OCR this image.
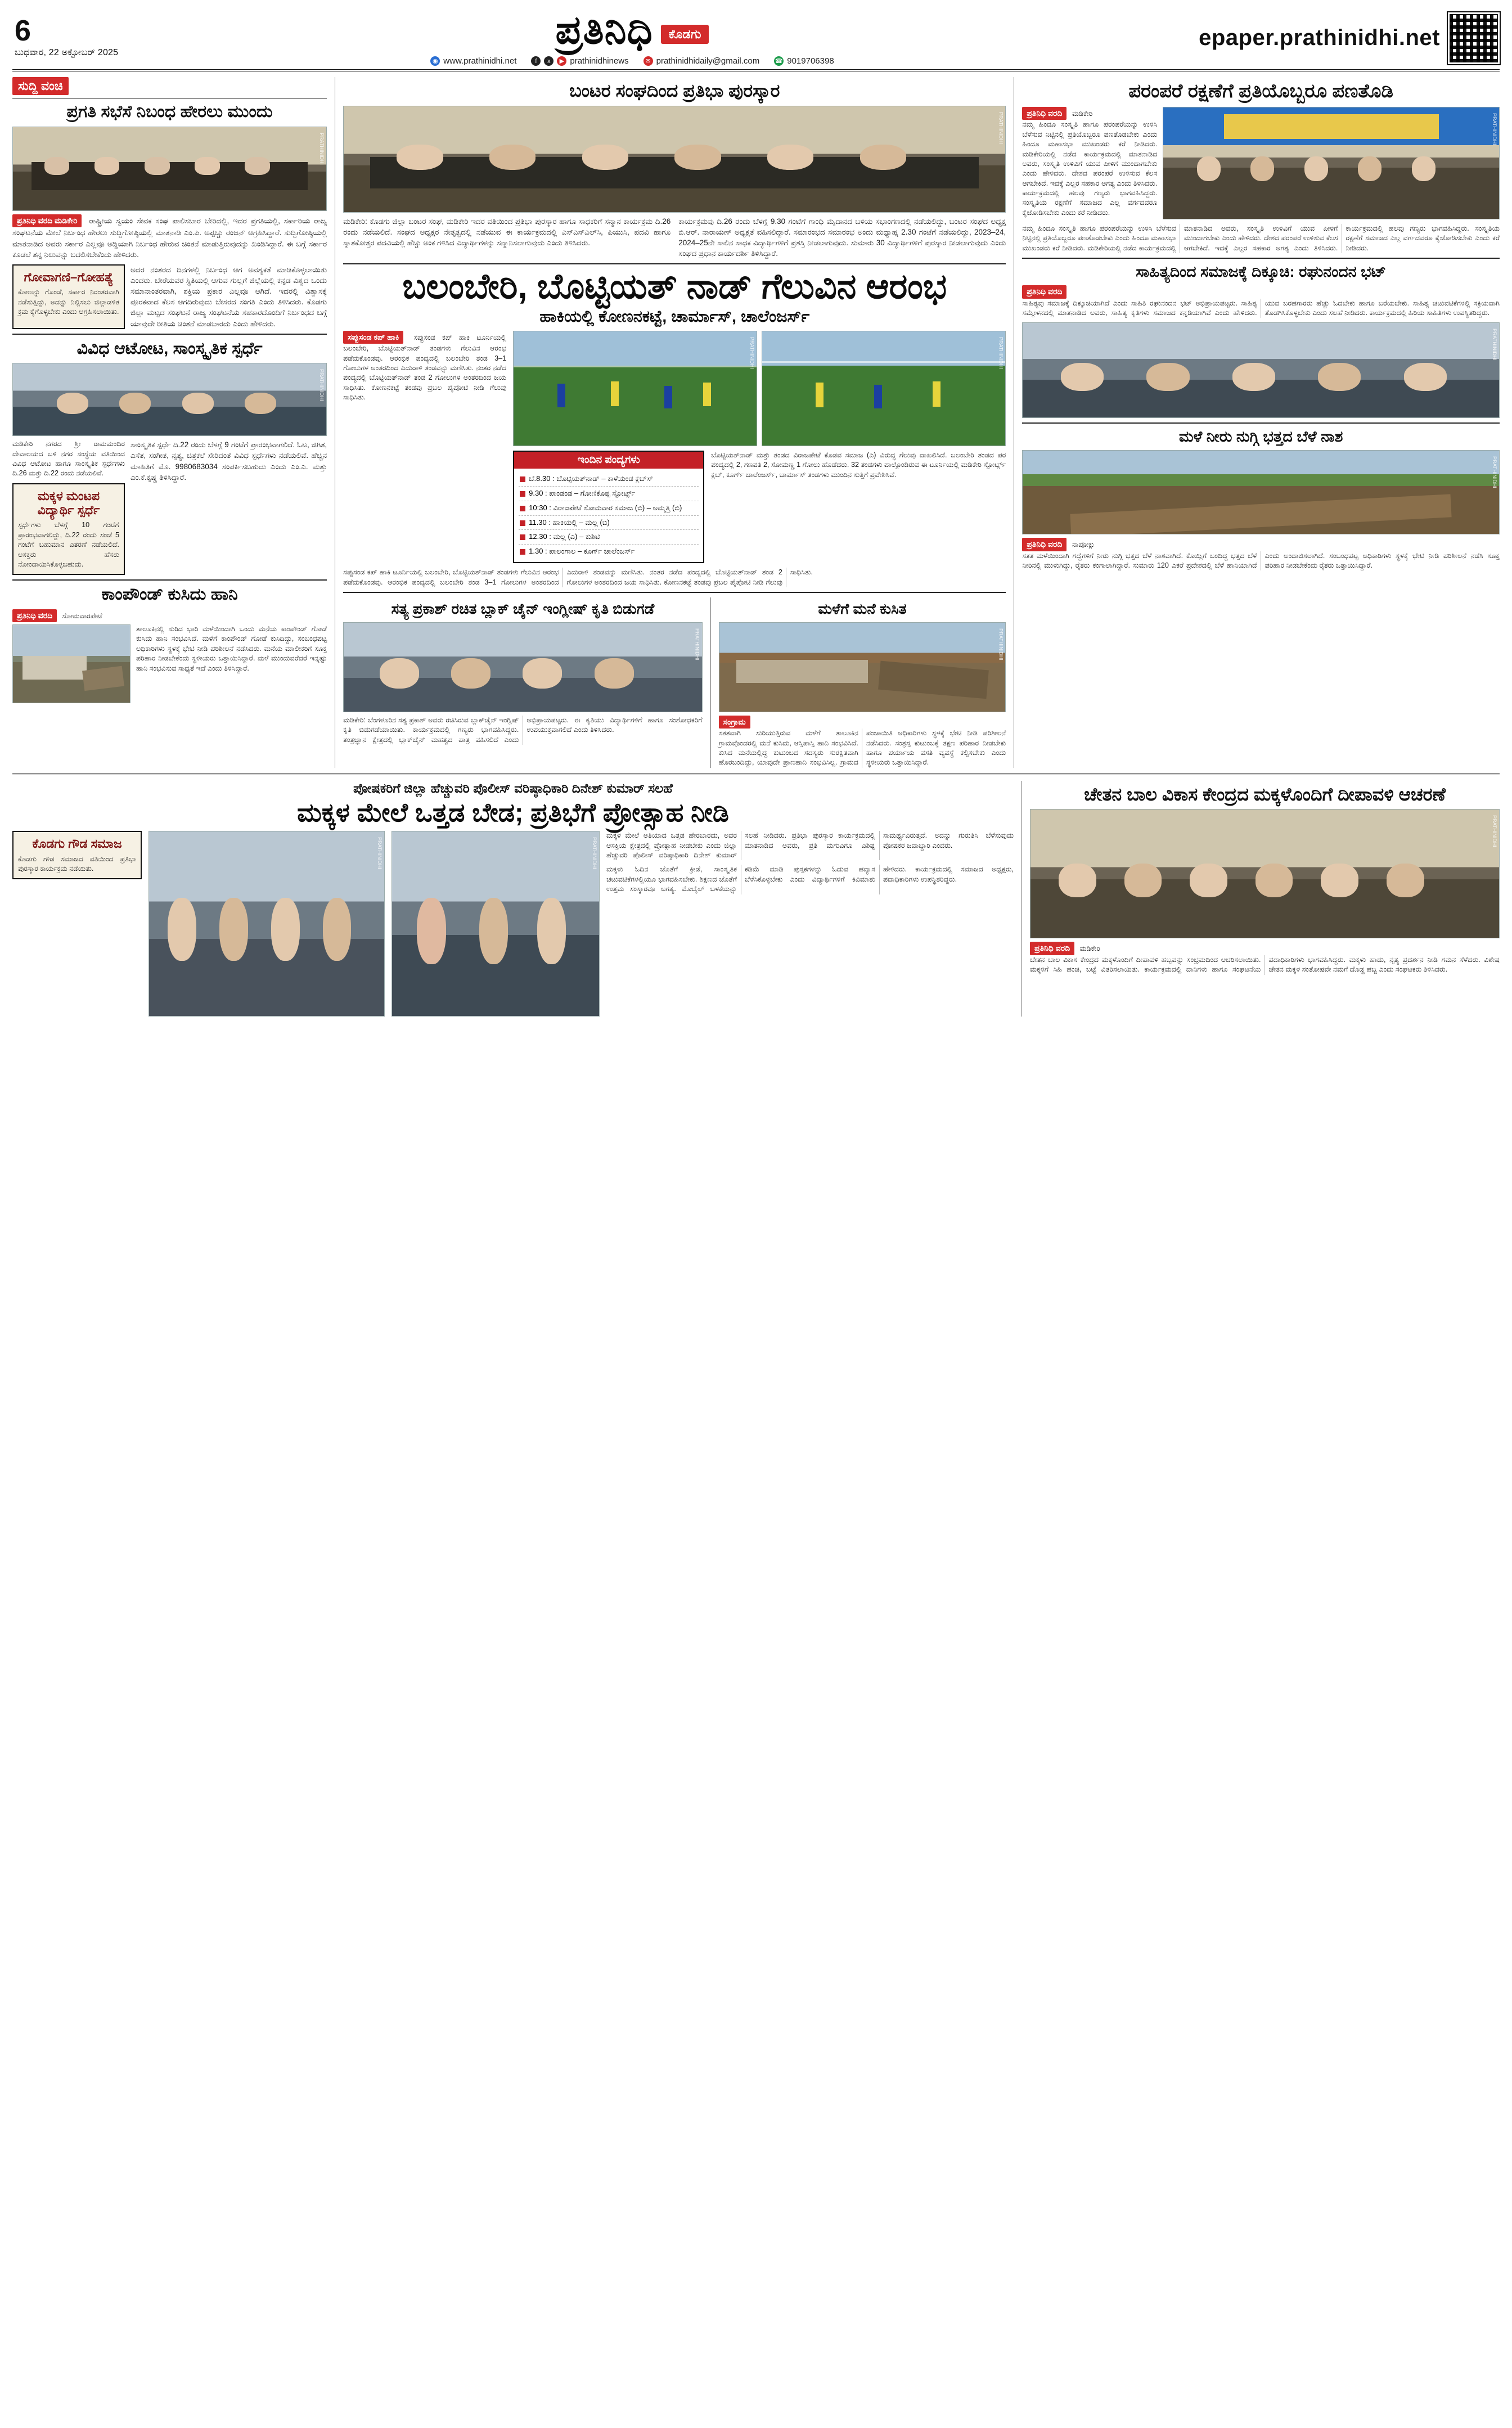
6
ಬುಧವಾರ, 22 ಅಕ್ಟೋಬರ್ 2025
ಪ್ರತಿನಿಧಿ	ಕೊಡಗು
◉ www.prathinidhi.net	f	x	▶ prathinidhinews	✉ prathinidhidaily@gmail.com	☎ 9019706398
epaper.prathinidhi.net
ಸುದ್ದಿ ವಂಚಿ
ಪ್ರಗತಿ ಸಭೆಸೆ ನಿಬಂಧ ಹೇರಲು ಮುಂದು
PRATHINIDHI
ಪ್ರತಿನಿಧಿ ವರದಿ ಮಡಿಕೇರಿ ರಾಷ್ಟ್ರೀಯ ಸ್ವಯಂ ಸೇವಕ ಸಂಘ ಪಾಲಿಸಬಾರ ಬೇರಿದಲ್ಲಿ, ಇದರ ಪ್ರಗತಿಯಲ್ಲಿ, ಸರ್ಕಾರಿಯ ರಾಜ್ಯ ಸಂಘಟನೆಯ ಮೇಲೆ ನಿರ್ಬಂಧ ಹೇರಲು ಸುದ್ದಿಗೋಷ್ಠಿಯಲ್ಲಿ ಮಾತನಾಡಿ ಎಂ.ಪಿ. ಅಪ್ಪಚ್ಚು ರಂಜನ್ ಆಗ್ರಹಿಸಿದ್ದಾರೆ. ಸುದ್ದಿಗೋಷ್ಠಿಯಲ್ಲಿ ಮಾತನಾಡಿದ ಅವರು ಸರ್ಕಾರ ಎಲ್ಲವೂ ಅಡ್ಡಿಯಾಗಿ ನಿರ್ಬಂಧ ಹೇರುವ ಚಿಂತನೆ ಮಾಡುತ್ತಿರುವುದನ್ನು ಖಂಡಿಸಿದ್ದಾರೆ. ಈ ಬಗ್ಗೆ ಸರ್ಕಾರ ಕೂಡಲೆ ತನ್ನ ನಿಲುವನ್ನು ಬದಲಿಸಬೇಕೆಂದು ಹೇಳಿದರು.
ಗೋವಾಗಣಿ–ಗೋಹತ್ಯೆ
ಕೋಣನ್ನು ಗೊಂಡೆ, ಸರ್ಕಾರ ನಿರಂತರವಾಗಿ ನಡೆಸುತ್ತಿದ್ದು, ಅದನ್ನು ನಿಲ್ಲಿಸಲು ಜಿಲ್ಲಾಡಳಿತ ಕ್ರಮ ಕೈಗೊಳ್ಳಬೇಕು ಎಂದು ಆಗ್ರಹಿಸಲಾಯಿತು.
ಅದರ ನಂತರದ ದಿನಗಳಲ್ಲಿ ನಿರ್ಬಂಧ ಆಗ ಅವಶ್ಯಕತೆ ಮಾಡಿಕೊಳ್ಳಲಾಯಿತು ಎಂದರು. ಬೇರೆಯವರ ಸ್ಥಿತಿಯಲ್ಲಿ ಆಗುವ ಗುಲ್ಲಗೆ ಜಿಲ್ಲೆಯಲ್ಲಿ ಕನ್ನಡ ವಿಶ್ವದ ಒಂದು ಸಮಾನಾಂತರವಾಗಿ, ಶಕ್ತಿಯ ಪ್ರಕಾರ ಎಲ್ಲವೂ ಆಗಿದೆ. ಇದರಲ್ಲಿ ವಿಶ್ವಾಸಕ್ಕೆ ಪೂರಕವಾದ ಕೆಲಸ ಆಗದಿರುವುದು ಬೇಸರದ ಸಂಗತಿ ಎಂದು ತಿಳಿಸಿದರು. ಕೊಡಗು ಜಿಲ್ಲಾ ಮಟ್ಟದ ಸಂಘಟನೆ ರಾಜ್ಯ ಸಂಘಟನೆಯ ಸಹಕಾರದೊಂದಿಗೆ ನಿರ್ಬಂಧದ ಬಗ್ಗೆ ಯಾವುದೇ ರೀತಿಯ ಚಿಂತನೆ ಮಾಡಬಾರದು ಎಂದು ಹೇಳಿದರು.
ವಿವಿಧ ಆಟೋಟ, ಸಾಂಸ್ಕೃತಿಕ ಸ್ಪರ್ಧೆ
PRATHINIDHI
ಮಡಿಕೇರಿ ನಗರದ ಶ್ರೀ ರಾಮಮಂದಿರ ದೇವಾಲಯದ ಬಳಿ ನಗರ ಸಂಸ್ಥೆಯ ವತಿಯಿಂದ ವಿವಿಧ ಆಟೋಟ ಹಾಗೂ ಸಾಂಸ್ಕೃತಿಕ ಸ್ಪರ್ಧೆಗಳು ದಿ.26 ಮತ್ತು ದಿ.22 ರಂದು ನಡೆಯಲಿವೆ.
ಮಕ್ಕಳ ಮಂಟಪ ವಿದ್ಯಾರ್ಥಿ ಸ್ಪರ್ಧೆ
ಸ್ಪರ್ಧೆಗಳು ಬೆಳಗ್ಗೆ 10 ಗಂಟೆಗೆ ಪ್ರಾರಂಭವಾಗಲಿದ್ದು, ದಿ.22 ರಂದು ಸಂಜೆ 5 ಗಂಟೆಗೆ ಬಹುಮಾನ ವಿತರಣೆ ನಡೆಯಲಿದೆ. ಆಸಕ್ತರು ಹೆಸರು ನೋಂದಾಯಿಸಿಕೊಳ್ಳಬಹುದು.
ಸಾಂಸ್ಕೃತಿಕ ಸ್ಪರ್ಧೆ ದಿ.22 ರಂದು ಬೆಳಗ್ಗೆ 9 ಗಂಟೆಗೆ ಪ್ರಾರಂಭವಾಗಲಿದೆ. ಓಟ, ಜಿಗಿತ, ಎಸೆತ, ಸಂಗೀತ, ನೃತ್ಯ, ಚಿತ್ರಕಲೆ ಸೇರಿದಂತೆ ವಿವಿಧ ಸ್ಪರ್ಧೆಗಳು ನಡೆಯಲಿವೆ. ಹೆಚ್ಚಿನ ಮಾಹಿತಿಗೆ ಮೊ. 9980683034 ಸಂಪರ್ಕಿಸಬಹುದು ಎಂದು ಎಂ.ಎ. ಮತ್ತು ಎಂ.ಕೆ.ಕೃಷ್ಣ ತಿಳಿಸಿದ್ದಾರೆ.
ಕಾಂಪೌಂಡ್ ಕುಸಿದು ಹಾನಿ
ಪ್ರತಿನಿಧಿ ವರದಿ ಸೋಮವಾರಪೇಟೆ
ತಾಲೂಕಿನಲ್ಲಿ ಸುರಿದ ಭಾರಿ ಮಳೆಯಿಂದಾಗಿ ಒಂದು ಮನೆಯ ಕಾಂಪೌಂಡ್ ಗೋಡೆ ಕುಸಿದು ಹಾನಿ ಸಂಭವಿಸಿದೆ. ಮಳೆಗೆ ಕಾಂಪೌಂಡ್ ಗೋಡೆ ಕುಸಿದಿದ್ದು, ಸಂಬಂಧಪಟ್ಟ ಅಧಿಕಾರಿಗಳು ಸ್ಥಳಕ್ಕೆ ಭೇಟಿ ನೀಡಿ ಪರಿಶೀಲನೆ ನಡೆಸಿದರು. ಮನೆಯ ಮಾಲೀಕರಿಗೆ ಸೂಕ್ತ ಪರಿಹಾರ ನೀಡಬೇಕೆಂದು ಸ್ಥಳೀಯರು ಒತ್ತಾಯಿಸಿದ್ದಾರೆ. ಮಳೆ ಮುಂದುವರೆದರೆ ಇನ್ನಷ್ಟು ಹಾನಿ ಸಂಭವಿಸುವ ಸಾಧ್ಯತೆ ಇದೆ ಎಂದು ತಿಳಿಸಿದ್ದಾರೆ.
ಬಂಟರ ಸಂಘದಿಂದ ಪ್ರತಿಭಾ ಪುರಸ್ಕಾರ
PRATHINIDHI
ಮಡಿಕೇರಿ: ಕೊಡಗು ಜಿಲ್ಲಾ ಬಂಟರ ಸಂಘ, ಮಡಿಕೇರಿ ಇದರ ವತಿಯಿಂದ ಪ್ರತಿಭಾ ಪುರಸ್ಕಾರ ಹಾಗೂ ಸಾಧಕರಿಗೆ ಸನ್ಮಾನ ಕಾರ್ಯಕ್ರಮ ದಿ.26 ರಂದು ನಡೆಯಲಿದೆ. ಸಂಘದ ಅಧ್ಯಕ್ಷರ ನೇತೃತ್ವದಲ್ಲಿ ನಡೆಯುವ ಈ ಕಾರ್ಯಕ್ರಮದಲ್ಲಿ ಎಸ್‌ಎಸ್‌ಎಲ್‌ಸಿ, ಪಿಯುಸಿ, ಪದವಿ ಹಾಗೂ ಸ್ನಾತಕೋತ್ತರ ಪದವಿಯಲ್ಲಿ ಹೆಚ್ಚು ಅಂಕ ಗಳಿಸಿದ ವಿದ್ಯಾರ್ಥಿಗಳನ್ನು ಸನ್ಮಾನಿಸಲಾಗುವುದು ಎಂದು ತಿಳಿಸಿದರು.
ಕಾರ್ಯಕ್ರಮವು ದಿ.26 ರಂದು ಬೆಳಗ್ಗೆ 9.30 ಗಂಟೆಗೆ ಗಾಂಧಿ ಮೈದಾನದ ಬಳಿಯ ಸಭಾಂಗಣದಲ್ಲಿ ನಡೆಯಲಿದ್ದು, ಬಂಟರ ಸಂಘದ ಅಧ್ಯಕ್ಷ ಬಿ.ಆರ್. ನಾರಾಯಣ್ ಅಧ್ಯಕ್ಷತೆ ವಹಿಸಲಿದ್ದಾರೆ. ಸಮಾರಂಭದ ಸಮಾರಂಭ ಅಂದು ಮಧ್ಯಾಹ್ನ 2.30 ಗಂಟೆಗೆ ನಡೆಯಲಿದ್ದು, 2023–24, 2024–25ನೇ ಸಾಲಿನ ಸಾಧಕ ವಿದ್ಯಾರ್ಥಿಗಳಿಗೆ ಪ್ರಶಸ್ತಿ ನೀಡಲಾಗುವುದು. ಸುಮಾರು 30 ವಿದ್ಯಾರ್ಥಿಗಳಿಗೆ ಪುರಸ್ಕಾರ ನೀಡಲಾಗುವುದು ಎಂದು ಸಂಘದ ಪ್ರಧಾನ ಕಾರ್ಯದರ್ಶಿ ತಿಳಿಸಿದ್ದಾರೆ.
ಬಲಂಬೇರಿ, ಬೊಟ್ಟಿಯತ್ ನಾಡ್ ಗೆಲುವಿನ ಆರಂಭ
ಹಾಕಿಯಲ್ಲಿ ಕೋಣನಕಟ್ಟೆ, ಚಾರ್ಮಾಸ್, ಚಾಲೆಂಜರ್ಸ್
ಸಪ್ಪುಸಂಡ ಕಪ್ ಹಾಕಿ ಸಪ್ಪುಸಂಡ ಕಪ್ ಹಾಕಿ ಟೂರ್ನಿಯಲ್ಲಿ ಬಲಂಬೇರಿ, ಬೊಟ್ಟಿಯತ್‌ನಾಡ್ ತಂಡಗಳು ಗೆಲುವಿನ ಆರಂಭ ಪಡೆದುಕೊಂಡವು. ಆರಂಭಿಕ ಪಂದ್ಯದಲ್ಲಿ ಬಲಂಬೇರಿ ತಂಡ 3–1 ಗೋಲುಗಳ ಅಂತರದಿಂದ ಎದುರಾಳಿ ತಂಡವನ್ನು ಮಣಿಸಿತು. ನಂತರ ನಡೆದ ಪಂದ್ಯದಲ್ಲಿ ಬೊಟ್ಟಿಯತ್‌ನಾಡ್ ತಂಡ 2 ಗೋಲುಗಳ ಅಂತರದಿಂದ ಜಯ ಸಾಧಿಸಿತು. ಕೋಣನಕಟ್ಟೆ ತಂಡವು ಪ್ರಬಲ ಪೈಪೋಟಿ ನೀಡಿ ಗೆಲುವು ಸಾಧಿಸಿತು.
PRATHINIDHI	PRATHINIDHI
ಇಂದಿನ ಪಂದ್ಯಗಳು
ಬೆ.8.30 : ಬೊಟ್ಟಿಯತ್‌ನಾಡ್ – ಕಾಳೆಯಂಡ ಕ್ಲಬ್‌ಸ್
9.30 : ಪಾಂಡಂಡ – ಗೋಣಿಕೊಪ್ಪ ಸ್ಪೋರ್ಟ್ಸ್
10:30 : ವಿರಾಜಪೇಟೆ ಸೋಮವಾರ ಸಮಾಜ (ಬಿ) – ಅಮ್ಮತ್ತಿ (ಬಿ)
11.30 : ಹಾಕಿಯಲ್ಲಿ – ಮಲ್ಲ (ಬಿ)
12.30 : ಮಲ್ಲ (ಎ) – ಕುಶಿಟಿ
1.30 : ಪಾಲಂಗಾಲ – ಕೂರ್ಗ್ ಚಾಲೆಂಜರ್ಸ್
ಬೊಟ್ಟಿಯತ್‌ನಾಡ್ ಮತ್ತು ತಂಡದ ವಿರಾಜಪೇಟೆ ಕೊಡವ ಸಮಾಜ (ಎ) ವಿರುದ್ಧ ಗೆಲುವು ದಾಖಲಿಸಿದೆ. ಬಲಂಬೇರಿ ತಂಡದ ಪರ ಪಂದ್ಯದಲ್ಲಿ 2, ಗಣಪತಿ 2, ಸೋಮಣ್ಣ 1 ಗೋಲು ಹೊಡೆದರು. 32 ತಂಡಗಳು ಪಾಲ್ಗೊಂಡಿರುವ ಈ ಟೂರ್ನಿಯಲ್ಲಿ ಮಡಿಕೇರಿ ಸ್ಪೋರ್ಟ್ಸ್ ಕ್ಲಬ್, ಕೂರ್ಗ್ ಚಾಲೆಂಜರ್ಸ್, ಚಾರ್ಮಾಸ್ ತಂಡಗಳು ಮುಂದಿನ ಸುತ್ತಿಗೆ ಪ್ರವೇಶಿಸಿವೆ.
ಸಪ್ಪುಸಂಡ ಕಪ್ ಹಾಕಿ ಟೂರ್ನಿಯಲ್ಲಿ ಬಲಂಬೇರಿ, ಬೊಟ್ಟಿಯತ್‌ನಾಡ್ ತಂಡಗಳು ಗೆಲುವಿನ ಆರಂಭ ಪಡೆದುಕೊಂಡವು. ಆರಂಭಿಕ ಪಂದ್ಯದಲ್ಲಿ ಬಲಂಬೇರಿ ತಂಡ 3–1 ಗೋಲುಗಳ ಅಂತರದಿಂದ ಎದುರಾಳಿ ತಂಡವನ್ನು ಮಣಿಸಿತು. ನಂತರ ನಡೆದ ಪಂದ್ಯದಲ್ಲಿ ಬೊಟ್ಟಿಯತ್‌ನಾಡ್ ತಂಡ 2 ಗೋಲುಗಳ ಅಂತರದಿಂದ ಜಯ ಸಾಧಿಸಿತು. ಕೋಣನಕಟ್ಟೆ ತಂಡವು ಪ್ರಬಲ ಪೈಪೋಟಿ ನೀಡಿ ಗೆಲುವು ಸಾಧಿಸಿತು.
ಸತ್ಯ ಪ್ರಕಾಶ್ ರಚಿತ ಬ್ಲಾಕ್ ಚೈನ್ ಇಂಗ್ಲೀಷ್ ಕೃತಿ ಬಿಡುಗಡೆ
PRATHINIDHI
ಮಡಿಕೇರಿ: ಬೆಂಗಳೂರಿನ ಸತ್ಯ ಪ್ರಕಾಶ್ ಅವರು ರಚಿಸಿರುವ ಬ್ಲಾಕ್‌ಚೈನ್ ಇಂಗ್ಲಿಷ್ ಕೃತಿ ಬಿಡುಗಡೆಯಾಯಿತು. ಕಾರ್ಯಕ್ರಮದಲ್ಲಿ ಗಣ್ಯರು ಭಾಗವಹಿಸಿದ್ದರು. ತಂತ್ರಜ್ಞಾನ ಕ್ಷೇತ್ರದಲ್ಲಿ ಬ್ಲಾಕ್‌ಚೈನ್ ಮಹತ್ವದ ಪಾತ್ರ ವಹಿಸಲಿದೆ ಎಂದು ಅಭಿಪ್ರಾಯಪಟ್ಟರು. ಈ ಕೃತಿಯು ವಿದ್ಯಾರ್ಥಿಗಳಿಗೆ ಹಾಗೂ ಸಂಶೋಧಕರಿಗೆ ಉಪಯುಕ್ತವಾಗಲಿದೆ ಎಂದು ತಿಳಿಸಿದರು.
ಮಳೆಗೆ ಮನೆ ಕುಸಿತ
PRATHINIDHI
ಸಂಗ್ರಾಮ
ಸತತವಾಗಿ ಸುರಿಯುತ್ತಿರುವ ಮಳೆಗೆ ತಾಲೂಕಿನ ಗ್ರಾಮವೊಂದರಲ್ಲಿ ಮನೆ ಕುಸಿದು, ಆಸ್ತಿಪಾಸ್ತಿ ಹಾನಿ ಸಂಭವಿಸಿದೆ. ಕುಸಿದ ಮನೆಯಲ್ಲಿದ್ದ ಕುಟುಂಬದ ಸದಸ್ಯರು ಸುರಕ್ಷಿತವಾಗಿ ಹೊರಬಂದಿದ್ದು, ಯಾವುದೇ ಪ್ರಾಣಹಾನಿ ಸಂಭವಿಸಿಲ್ಲ. ಗ್ರಾಮದ ಪಂಚಾಯಿತಿ ಅಧಿಕಾರಿಗಳು ಸ್ಥಳಕ್ಕೆ ಭೇಟಿ ನೀಡಿ ಪರಿಶೀಲನೆ ನಡೆಸಿದರು. ಸಂತ್ರಸ್ತ ಕುಟುಂಬಕ್ಕೆ ತಕ್ಷಣ ಪರಿಹಾರ ನೀಡಬೇಕು ಹಾಗೂ ಪರ್ಯಾಯ ವಸತಿ ವ್ಯವಸ್ಥೆ ಕಲ್ಪಿಸಬೇಕು ಎಂದು ಸ್ಥಳೀಯರು ಒತ್ತಾಯಿಸಿದ್ದಾರೆ.
ಪರಂಪರೆ ರಕ್ಷಣೆಗೆ ಪ್ರತಿಯೊಬ್ಬರೂ ಪಣತೊಡಿ
ಪ್ರತಿನಿಧಿ ವರದಿ ಮಡಿಕೇರಿ
ನಮ್ಮ ಹಿಂದೂ ಸಂಸ್ಕೃತಿ ಹಾಗೂ ಪರಂಪರೆಯನ್ನು ಉಳಿಸಿ ಬೆಳೆಸುವ ನಿಟ್ಟಿನಲ್ಲಿ ಪ್ರತಿಯೊಬ್ಬರೂ ಪಣತೊಡಬೇಕು ಎಂದು ಹಿಂದೂ ಮಹಾಸಭಾ ಮುಖಂಡರು ಕರೆ ನೀಡಿದರು. ಮಡಿಕೇರಿಯಲ್ಲಿ ನಡೆದ ಕಾರ್ಯಕ್ರಮದಲ್ಲಿ ಮಾತನಾಡಿದ ಅವರು, ಸಂಸ್ಕೃತಿ ಉಳಿವಿಗೆ ಯುವ ಪೀಳಿಗೆ ಮುಂದಾಗಬೇಕು ಎಂದು ಹೇಳಿದರು. ದೇಶದ ಪರಂಪರೆ ಉಳಿಸುವ ಕೆಲಸ ಆಗಬೇಕಿದೆ. ಇದಕ್ಕೆ ಎಲ್ಲರ ಸಹಕಾರ ಅಗತ್ಯ ಎಂದು ತಿಳಿಸಿದರು. ಕಾರ್ಯಕ್ರಮದಲ್ಲಿ ಹಲವು ಗಣ್ಯರು ಭಾಗವಹಿಸಿದ್ದರು. ಸಂಸ್ಕೃತಿಯ ರಕ್ಷಣೆಗೆ ಸಮಾಜದ ಎಲ್ಲ ವರ್ಗದವರೂ ಕೈಜೋಡಿಸಬೇಕು ಎಂದು ಕರೆ ನೀಡಿದರು.
PRATHINIDHI
ನಮ್ಮ ಹಿಂದೂ ಸಂಸ್ಕೃತಿ ಹಾಗೂ ಪರಂಪರೆಯನ್ನು ಉಳಿಸಿ ಬೆಳೆಸುವ ನಿಟ್ಟಿನಲ್ಲಿ ಪ್ರತಿಯೊಬ್ಬರೂ ಪಣತೊಡಬೇಕು ಎಂದು ಹಿಂದೂ ಮಹಾಸಭಾ ಮುಖಂಡರು ಕರೆ ನೀಡಿದರು. ಮಡಿಕೇರಿಯಲ್ಲಿ ನಡೆದ ಕಾರ್ಯಕ್ರಮದಲ್ಲಿ ಮಾತನಾಡಿದ ಅವರು, ಸಂಸ್ಕೃತಿ ಉಳಿವಿಗೆ ಯುವ ಪೀಳಿಗೆ ಮುಂದಾಗಬೇಕು ಎಂದು ಹೇಳಿದರು. ದೇಶದ ಪರಂಪರೆ ಉಳಿಸುವ ಕೆಲಸ ಆಗಬೇಕಿದೆ. ಇದಕ್ಕೆ ಎಲ್ಲರ ಸಹಕಾರ ಅಗತ್ಯ ಎಂದು ತಿಳಿಸಿದರು. ಕಾರ್ಯಕ್ರಮದಲ್ಲಿ ಹಲವು ಗಣ್ಯರು ಭಾಗವಹಿಸಿದ್ದರು. ಸಂಸ್ಕೃತಿಯ ರಕ್ಷಣೆಗೆ ಸಮಾಜದ ಎಲ್ಲ ವರ್ಗದವರೂ ಕೈಜೋಡಿಸಬೇಕು ಎಂದು ಕರೆ ನೀಡಿದರು.
ಸಾಹಿತ್ಯದಿಂದ ಸಮಾಜಕ್ಕೆ ದಿಕ್ಕೂಚಿ: ರಘುನಂದನ ಭಟ್
ಪ್ರತಿನಿಧಿ ವರದಿ
ಸಾಹಿತ್ಯವು ಸಮಾಜಕ್ಕೆ ದಿಕ್ಕೂಚಿಯಾಗಿದೆ ಎಂದು ಸಾಹಿತಿ ರಘುನಂದನ ಭಟ್ ಅಭಿಪ್ರಾಯಪಟ್ಟರು. ಸಾಹಿತ್ಯ ಸಮ್ಮೇಳನದಲ್ಲಿ ಮಾತನಾಡಿದ ಅವರು, ಸಾಹಿತ್ಯ ಕೃತಿಗಳು ಸಮಾಜದ ಕನ್ನಡಿಯಾಗಿವೆ ಎಂದು ಹೇಳಿದರು. ಯುವ ಬರಹಗಾರರು ಹೆಚ್ಚು ಓದಬೇಕು ಹಾಗೂ ಬರೆಯಬೇಕು. ಸಾಹಿತ್ಯ ಚಟುವಟಿಕೆಗಳಲ್ಲಿ ಸಕ್ರಿಯವಾಗಿ ತೊಡಗಿಸಿಕೊಳ್ಳಬೇಕು ಎಂದು ಸಲಹೆ ನೀಡಿದರು. ಕಾರ್ಯಕ್ರಮದಲ್ಲಿ ಹಿರಿಯ ಸಾಹಿತಿಗಳು ಉಪಸ್ಥಿತರಿದ್ದರು.
PRATHINIDHI
ಮಳೆ ನೀರು ನುಗ್ಗಿ ಭತ್ತದ ಬೆಳೆ ನಾಶ
PRATHINIDHI
ಪ್ರತಿನಿಧಿ ವರದಿ ನಾಪೋಕ್ಲು
ಸತತ ಮಳೆಯಿಂದಾಗಿ ಗದ್ದೆಗಳಿಗೆ ನೀರು ನುಗ್ಗಿ ಭತ್ತದ ಬೆಳೆ ನಾಶವಾಗಿದೆ. ಕೊಯ್ಲಿಗೆ ಬಂದಿದ್ದ ಭತ್ತದ ಬೆಳೆ ನೀರಿನಲ್ಲಿ ಮುಳುಗಿದ್ದು, ರೈತರು ಕಂಗಾಲಾಗಿದ್ದಾರೆ. ಸುಮಾರು 120 ಎಕರೆ ಪ್ರದೇಶದಲ್ಲಿ ಬೆಳೆ ಹಾನಿಯಾಗಿದೆ ಎಂದು ಅಂದಾಜಿಸಲಾಗಿದೆ. ಸಂಬಂಧಪಟ್ಟ ಅಧಿಕಾರಿಗಳು ಸ್ಥಳಕ್ಕೆ ಭೇಟಿ ನೀಡಿ ಪರಿಶೀಲನೆ ನಡೆಸಿ ಸೂಕ್ತ ಪರಿಹಾರ ನೀಡಬೇಕೆಂದು ರೈತರು ಒತ್ತಾಯಿಸಿದ್ದಾರೆ.
ಪೋಷಕರಿಗೆ ಜಿಲ್ಲಾ ಹೆಚ್ಚುವರಿ ಪೊಲೀಸ್ ವರಿಷ್ಠಾಧಿಕಾರಿ ದಿನೇಶ್ ಕುಮಾರ್ ಸಲಹೆ
ಮಕ್ಕಳ ಮೇಲೆ ಒತ್ತಡ ಬೇಡ; ಪ್ರತಿಭೆಗೆ ಪ್ರೋತ್ಸಾಹ ನೀಡಿ
ಕೊಡಗು ಗೌಡ ಸಮಾಜ
ಕೊಡಗು ಗೌಡ ಸಮಾಜದ ವತಿಯಿಂದ ಪ್ರತಿಭಾ ಪುರಸ್ಕಾರ ಕಾರ್ಯಕ್ರಮ ನಡೆಯಿತು.	PRATHINIDHI	PRATHINIDHI
ಮಕ್ಕಳ ಮೇಲೆ ಅತಿಯಾದ ಒತ್ತಡ ಹೇರಬಾರದು, ಅವರ ಆಸಕ್ತಿಯ ಕ್ಷೇತ್ರದಲ್ಲಿ ಪ್ರೋತ್ಸಾಹ ನೀಡಬೇಕು ಎಂದು ಜಿಲ್ಲಾ ಹೆಚ್ಚುವರಿ ಪೊಲೀಸ್ ವರಿಷ್ಠಾಧಿಕಾರಿ ದಿನೇಶ್ ಕುಮಾರ್ ಸಲಹೆ ನೀಡಿದರು. ಪ್ರತಿಭಾ ಪುರಸ್ಕಾರ ಕಾರ್ಯಕ್ರಮದಲ್ಲಿ ಮಾತನಾಡಿದ ಅವರು, ಪ್ರತಿ ಮಗುವಿಗೂ ವಿಶಿಷ್ಟ ಸಾಮರ್ಥ್ಯವಿರುತ್ತದೆ. ಅದನ್ನು ಗುರುತಿಸಿ ಬೆಳೆಸುವುದು ಪೋಷಕರ ಜವಾಬ್ದಾರಿ ಎಂದರು.
ಮಕ್ಕಳು ಓದಿನ ಜೊತೆಗೆ ಕ್ರೀಡೆ, ಸಾಂಸ್ಕೃತಿಕ ಚಟುವಟಿಕೆಗಳಲ್ಲಿಯೂ ಭಾಗವಹಿಸಬೇಕು. ಶಿಕ್ಷಣದ ಜೊತೆಗೆ ಉತ್ತಮ ಸಂಸ್ಕಾರವೂ ಅಗತ್ಯ. ಮೊಬೈಲ್ ಬಳಕೆಯನ್ನು ಕಡಿಮೆ ಮಾಡಿ ಪುಸ್ತಕಗಳನ್ನು ಓದುವ ಹವ್ಯಾಸ ಬೆಳೆಸಿಕೊಳ್ಳಬೇಕು ಎಂದು ವಿದ್ಯಾರ್ಥಿಗಳಿಗೆ ಕಿವಿಮಾತು ಹೇಳಿದರು. ಕಾರ್ಯಕ್ರಮದಲ್ಲಿ ಸಮಾಜದ ಅಧ್ಯಕ್ಷರು, ಪದಾಧಿಕಾರಿಗಳು ಉಪಸ್ಥಿತರಿದ್ದರು.
ಚೇತನ ಬಾಲ ವಿಕಾಸ ಕೇಂದ್ರದ ಮಕ್ಕಳೊಂದಿಗೆ ದೀಪಾವಳಿ ಆಚರಣೆ
PRATHINIDHI
ಪ್ರತಿನಿಧಿ ವರದಿ ಮಡಿಕೇರಿ
ಚೇತನ ಬಾಲ ವಿಕಾಸ ಕೇಂದ್ರದ ಮಕ್ಕಳೊಂದಿಗೆ ದೀಪಾವಳಿ ಹಬ್ಬವನ್ನು ಸಂಭ್ರಮದಿಂದ ಆಚರಿಸಲಾಯಿತು. ಮಕ್ಕಳಿಗೆ ಸಿಹಿ ಹಂಚಿ, ಬಟ್ಟೆ ವಿತರಿಸಲಾಯಿತು. ಕಾರ್ಯಕ್ರಮದಲ್ಲಿ ದಾನಿಗಳು ಹಾಗೂ ಸಂಘಟನೆಯ ಪದಾಧಿಕಾರಿಗಳು ಭಾಗವಹಿಸಿದ್ದರು. ಮಕ್ಕಳು ಹಾಡು, ನೃತ್ಯ ಪ್ರದರ್ಶನ ನೀಡಿ ಗಮನ ಸೆಳೆದರು. ವಿಶೇಷ ಚೇತನ ಮಕ್ಕಳ ಸಂತೋಷವೇ ನಮಗೆ ದೊಡ್ಡ ಹಬ್ಬ ಎಂದು ಸಂಘಟಕರು ತಿಳಿಸಿದರು.
